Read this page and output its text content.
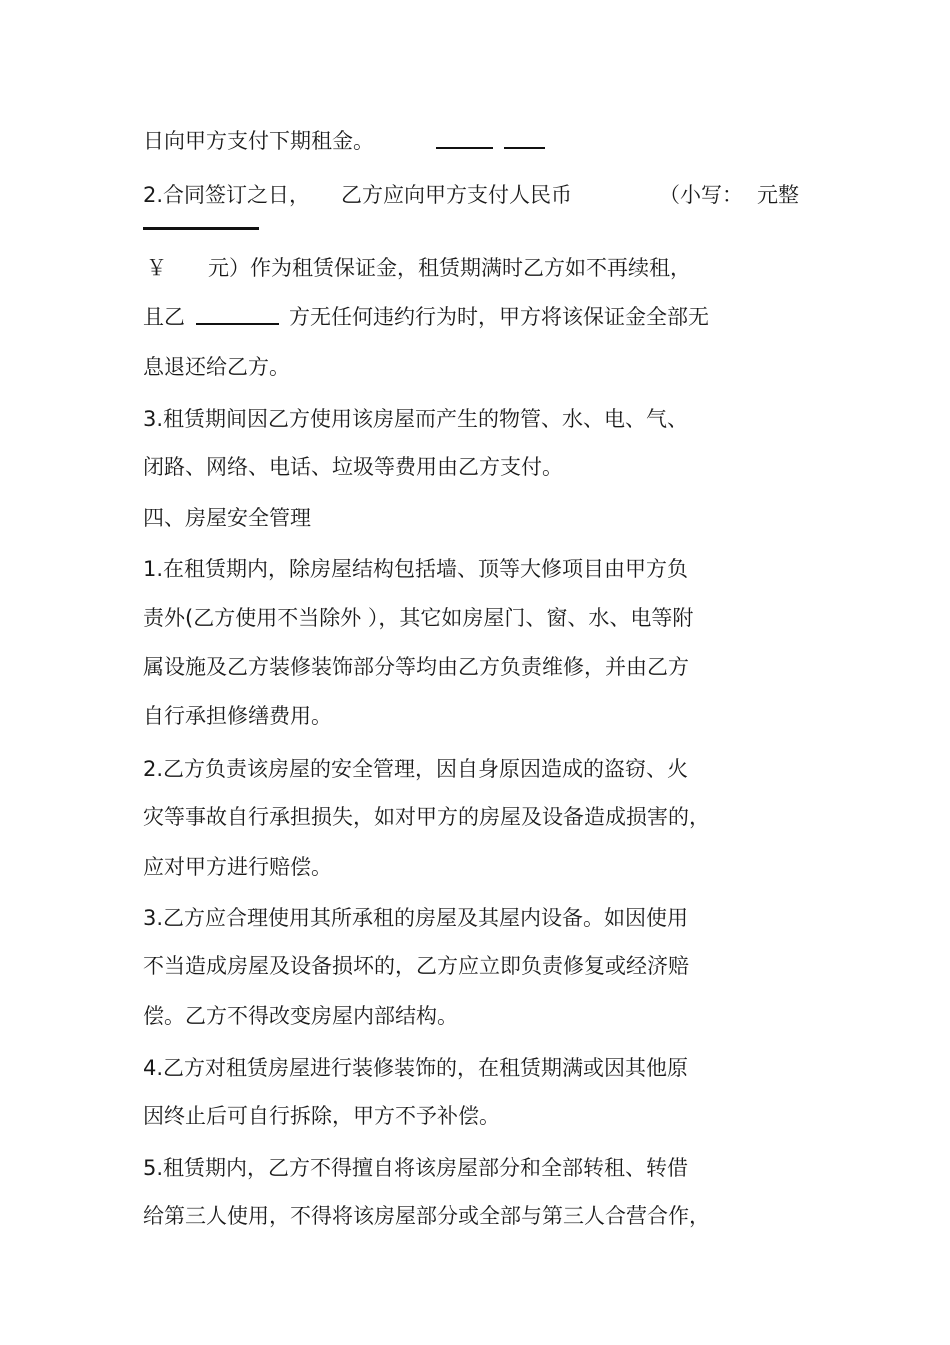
日向甲方支付下期租金。
2.合同签订之日， 乙方应向甲方支付人民币	（小写： 元整
￥ 元）作为租赁保证金，租赁期满时乙方如不再续租，
且乙	方无任何违约行为时，甲方将该保证金全部无
息退还给乙方。
3.租赁期间因乙方使用该房屋而产生的物管、水、电、气、
闭路、网络、电话、垃圾等费用由乙方支付。
四、房屋安全管理
1.在租赁期内，除房屋结构包括墙、顶等大修项目由甲方负
责外(乙方使用不当除外 ），其它如房屋门、窗、水、电等附
属设施及乙方装修装饰部分等均由乙方负责维修，并由乙方
自行承担修缮费用。
2.乙方负责该房屋的安全管理，因自身原因造成的盗窃、火
灾等事故自行承担损失，如对甲方的房屋及设备造成损害的，
应对甲方进行赔偿。
3.乙方应合理使用其所承租的房屋及其屋内设备。如因使用
不当造成房屋及设备损坏的，乙方应立即负责修复或经济赔
偿。乙方不得改变房屋内部结构。
4.乙方对租赁房屋进行装修装饰的，在租赁期满或因其他原
因终止后可自行拆除，甲方不予补偿。
5.租赁期内，乙方不得擅自将该房屋部分和全部转租、转借
给第三人使用，不得将该房屋部分或全部与第三人合营合作，
